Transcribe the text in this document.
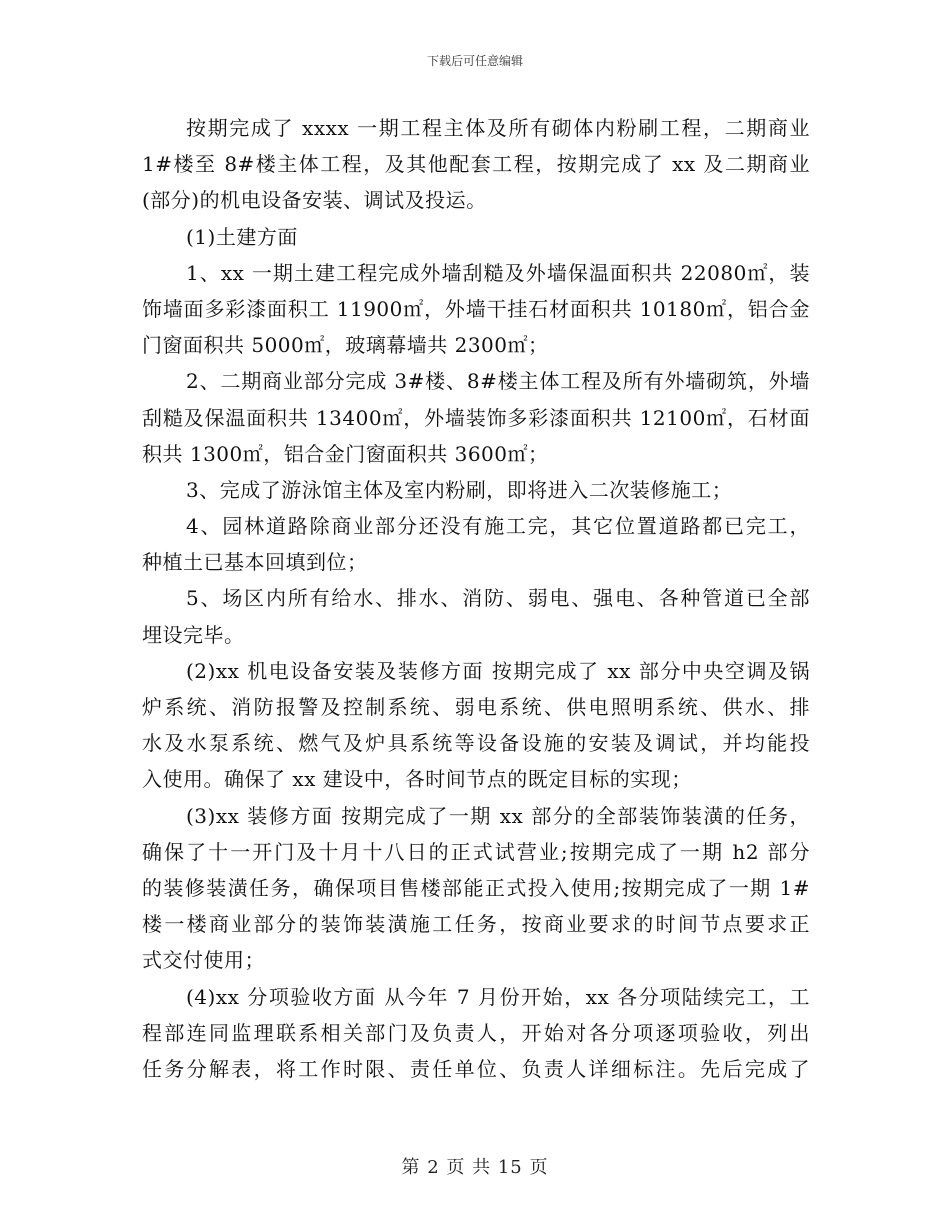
下载后可任意编辑
按期完成了 xxxx 一期工程主体及所有砌体内粉刷工程，二期商业
1#楼至 8#楼主体工程，及其他配套工程，按期完成了 xx 及二期商业
(部分)的机电设备安装、调试及投运。
(1)土建方面
1、xx 一期土建工程完成外墙刮糙及外墙保温面积共 22080㎡，装
饰墙面多彩漆面积工 11900㎡，外墙干挂石材面积共 10180㎡，铝合金
门窗面积共 5000㎡，玻璃幕墙共 2300㎡；
2、二期商业部分完成 3#楼、8#楼主体工程及所有外墙砌筑，外墙
刮糙及保温面积共 13400㎡，外墙装饰多彩漆面积共 12100㎡，石材面
积共 1300㎡，铝合金门窗面积共 3600㎡；
3、完成了游泳馆主体及室内粉刷，即将进入二次装修施工；
4、园林道路除商业部分还没有施工完，其它位置道路都已完工，
种植土已基本回填到位；
5、场区内所有给水、排水、消防、弱电、强电、各种管道已全部
埋设完毕。
(2)xx 机电设备安装及装修方面 按期完成了 xx 部分中央空调及锅
炉系统、消防报警及控制系统、弱电系统、供电照明系统、供水、排
水及水泵系统、燃气及炉具系统等设备设施的安装及调试，并均能投
入使用。确保了 xx 建设中，各时间节点的既定目标的实现；
(3)xx 装修方面 按期完成了一期 xx 部分的全部装饰装潢的任务，
确保了十一开门及十月十八日的正式试营业;按期完成了一期 h2 部分
的装修装潢任务，确保项目售楼部能正式投入使用;按期完成了一期 1#
楼一楼商业部分的装饰装潢施工任务，按商业要求的时间节点要求正
式交付使用；
(4)xx 分项验收方面 从今年 7 月份开始，xx 各分项陆续完工，工
程部连同监理联系相关部门及负责人，开始对各分项逐项验收，列出
任务分解表，将工作时限、责任单位、负责人详细标注。先后完成了
第 2 页 共 15 页
